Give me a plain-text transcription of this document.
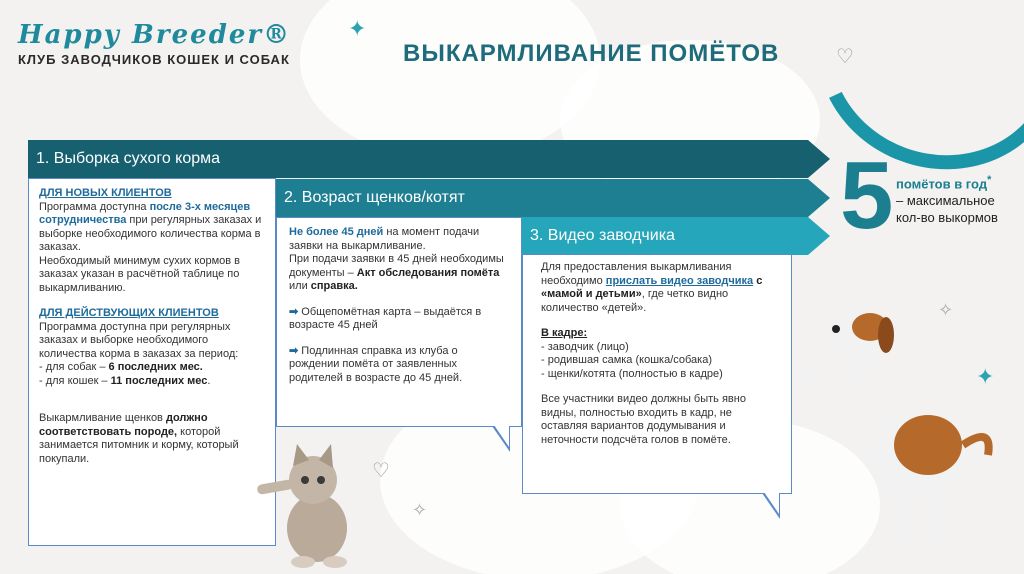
Happy Breeder®
КЛУБ ЗАВОДЧИКОВ КОШЕК И СОБАК	ВЫКАРМЛИВАНИЕ ПОМЁТОВ
✦
✦
✧
✧
♡
♡
1. Выборка сухого корма
2. Возраст щенков/котят
3. Видео заводчика

ДЛЯ НОВЫХ КЛИЕНТОВ

Программа доступна после 3-х месяцев сотрудничества при регулярных заказах и выборке необходимого количества корма в заказах.

Необходимый минимум сухих кормов в заказах указан в расчётной таблице по выкармливанию.

ДЛЯ ДЕЙСТВУЮЩИХ КЛИЕНТОВ

Программа доступна при регулярных заказах и выборке необходимого количества корма в заказах за период:

- для собак – 6 последних мес.

- для кошек – 11 последних мес.

Выкармливание щенков должно соответствовать породе, которой занимается питомник и корму, который покупали.

Не более 45 дней на момент подачи заявки на выкармливание.

При подачи заявки в 45 дней необходимы документы – Акт обследования помёта или справка.

➡ Общепомётная карта – выдаётся в возрасте 45 дней

➡ Подлинная справка из клуба о рождении помёта от заявленных родителей в возрасте до 45 дней.

Для предоставления выкармливания необходимо прислать видео заводчика с «мамой и детьми», где четко видно количество «детей».

В кадре:

- заводчик (лицо)

- родившая самка (кошка/собака)

- щенки/котята (полностью в кадре)

Все участники видео должны быть явно видны, полностью входить в кадр, не оставляя вариантов додумывания и неточности подсчёта голов в помёте.

5 помётов в год*
– максимальное
кол-во выкормов
